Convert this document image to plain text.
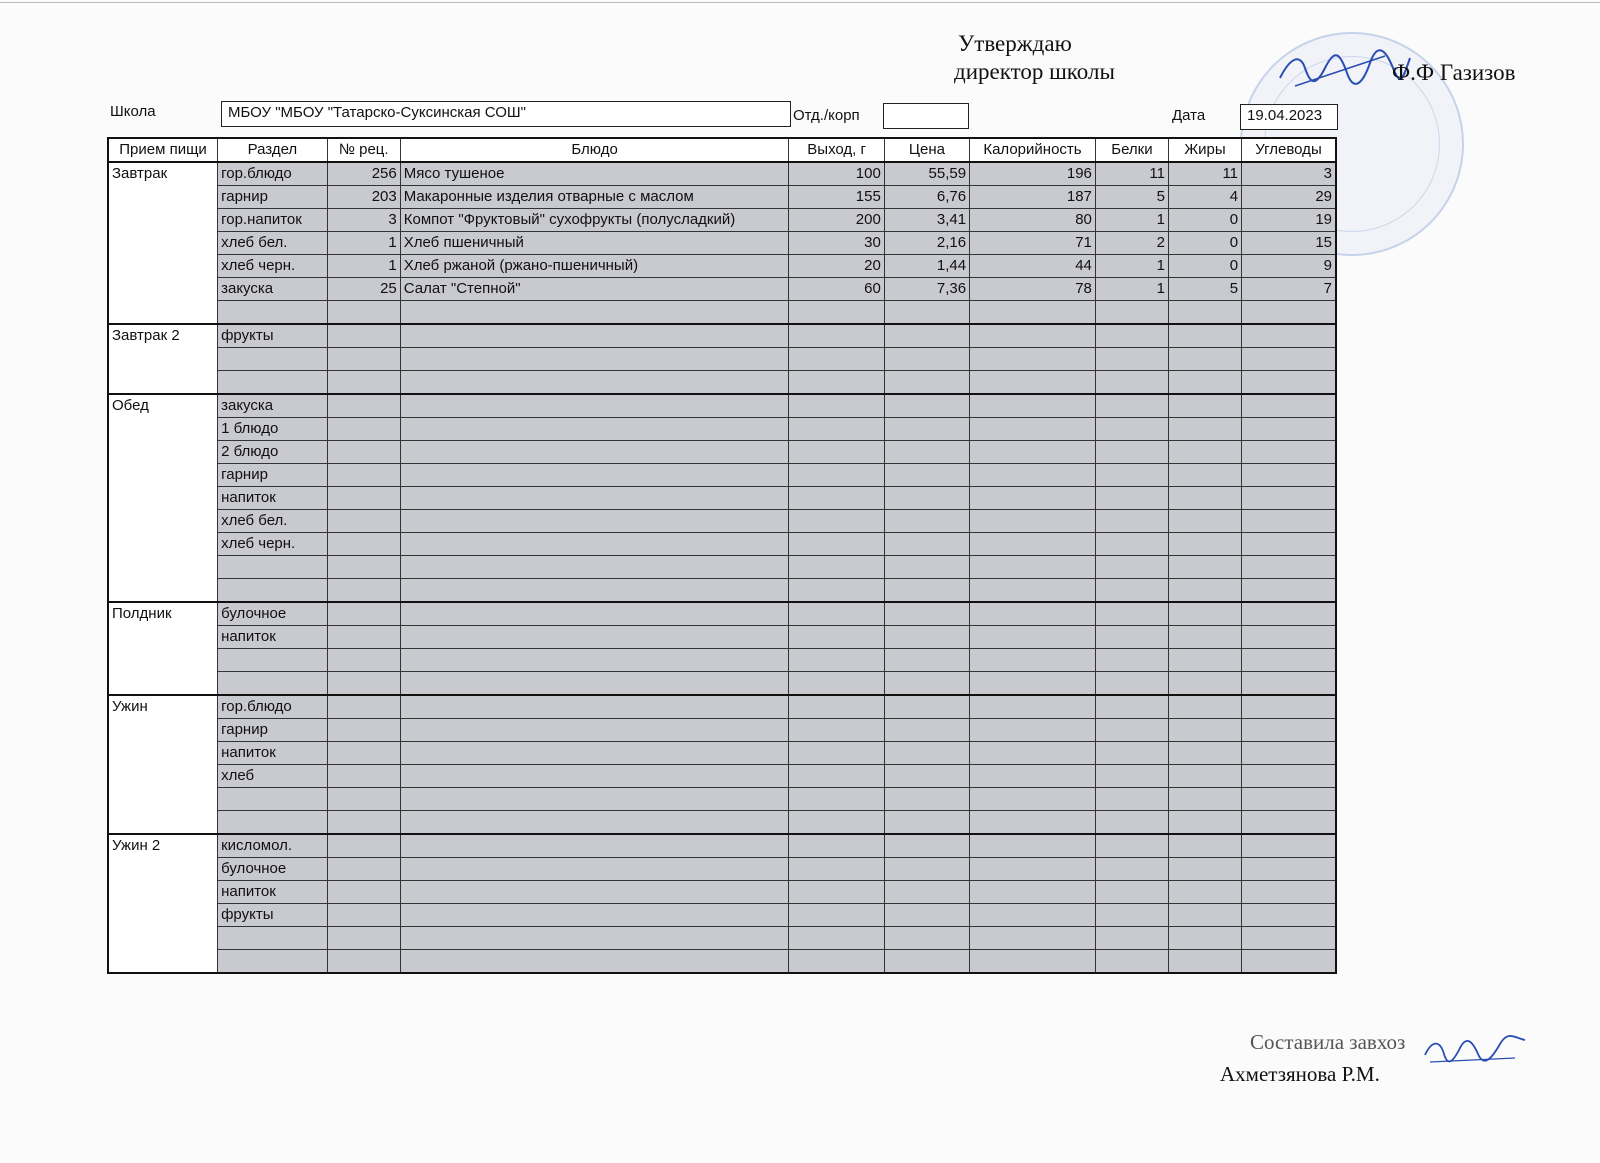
Утверждаю
директор школы	Ф.Ф Газизов
Школа	МБОУ "МБОУ "Татарско-Суксинская СОШ"	Отд./корп	Дата	19.04.2023
Прием пищи	Раздел	№ рец.	Блюдо	Выход, г	Цена	Калорийность	Белки	Жиры	Углеводы
Завтрак	гор.блюдо	256	Мясо тушеное	100	55,59	196	11	11	3
	гарнир	203	Макаронные изделия отварные с маслом	155	6,76	187	5	4	29
	гор.напиток	3	Компот "Фруктовый" сухофрукты (полусладкий)	200	3,41	80	1	0	19
	хлеб бел.	1	Хлеб пшеничный	30	2,16	71	2	0	15
	хлеб черн.	1	Хлеб ржаной (ржано-пшеничный)	20	1,44	44	1	0	9
	закуска	25	Салат "Степной"	60	7,36	78	1	5	7

Завтрак 2	фрукты								

Обед	закуска								
	1 блюдо								
	2 блюдо								
	гарнир								
	напиток								
	хлеб бел.								
	хлеб черн.								

Полдник	булочное								
	напиток								

Ужин	гор.блюдо								
	гарнир								
	напиток								
	хлеб								

Ужин 2	кисломол.								
	булочное								
	напиток								
	фрукты								

Составила завхоз
Ахметзянова Р.М.
